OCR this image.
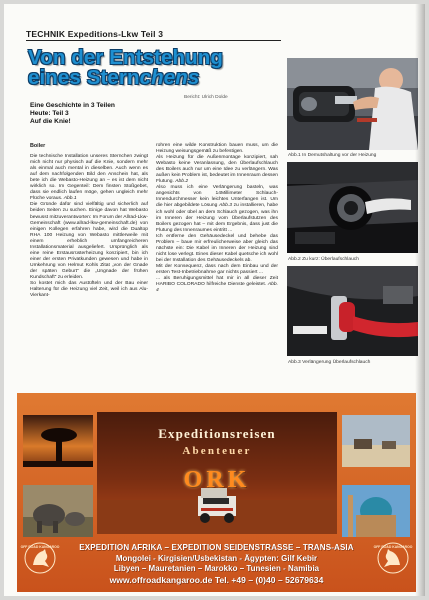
TECHNIK Expeditions-Lkw Teil 3
Von der Entstehung
eines Sternchens
Bericht: Ulrich Dolde
Eine Geschichte in 3 Teilen
Heute: Teil 3
Auf die Knie!

Boiler

Die technische Installation unseres Sternchen zwingt mich nicht nur physisch auf die Knie, sondern mehr als einmal auch mental in dieselben. Auch wenn es auf dem nachfolgenden Bild den Anschein hat, als bete ich die Webasto-Heizung an – es ist dem nicht wirklich so. Im Gegenteil: Dem finsten Stoßgebet, dass sie endlich laufen möge, gehen ungleich mehr Flüche voraus. Abb.1

Die Gründe dafür sind vielfältig und sicherlich auf beiden Seiten zu suchen. Einige davon hat Webasto bewusst mitzuverantworten: Im Forum der Allrad-Lkw-Gemeinschaft (www.allrad-lkw-gemeinschaft.de) von einigen Kollegen erfahren habe, wird die Dualtop RHA 100 Heizung von Webasto mittlerweile mit einem erheblich umfangreicheren Installationsmaterial ausgeliefert. Ursprünglich als eine reine Erstausrüsterheizung konzipiert, bin ich einer der ersten Privatkunden gewesen und habe in Umkehrung von Helmut Kohls Zitat „von der Gnade der späten Geburt“ die „Ungnade der frühen Kundschaft“ zu erleiden.

So kostet mich das Austüfteln und der Bau einer Halterung für die Heizung viel Zeit, weil ich aus Alu-Vierkant-

rohren eine wilde Konstruktion bauen muss, um die Heizung weisungsgemäß zu befestigen.

Als Heizung für die Außenmontage konzipiert, sah Webasto keine Veranlassung, den Überlaufschlauch des Boilers auch nur um eine Idee zu verlängern. Was außen kein Problem ist, bedeutet im Innenraum dessen Flutung. Abb.2

Also muss ich eine Verlängerung basteln, was angesichts von 14Millimeter Schlauch-Innendurchmesser kein leichtes Unterfangen ist. Um die hier abgebildete Lösung Abb.3 zu installieren, habe ich wohl oder übel an dem Schlauch gezogen, was ihn im Inneren der Heizung vom Überlaufstutzen des Boilers gezogen hat – mit dem Ergebnis, dass just die Flutung des Innenraumes eintritt ...

Ich entferne den Gehäusedeckel und behebe das Problem – baue mir erfreulicherweise aber gleich das nächste ein: Die Kabel im Inneren der Heizung sind nicht lose verlegt. Eines dieser Kabel quetsche ich wohl bei der Installation des Gehäusedeckels ab.

Mit der Konsequenz, dass nach dem Einbau und der ersten Test-Inbetriebnahme gar nichts passiert ...

... als Beruhigungsmittel hat mir in all dieser Zeit HARIBO COLORADO hilfreiche Dienste geleistet. Abb. 4

Abb.1 In Demutshaltung vor der Heizung
Abb.2 Zu kurz: Überlaufschlauch
Abb.3 Verlängerung Überlaufschlauch
Expeditionsreisen
Abenteuer
ORK
OFF ROAD KANGAROO	OFF ROAD KANGAROO
EXPEDITION AFRIKA – EXPEDITION SEIDENSTRASSE – TRANS-ASIA
Mongolei - Kirgisien/Usbekistan - Ägypten: Gilf Kebir
Libyen – Mauretanien – Marokko – Tunesien - Namibia
www.offroadkangaroo.de Tel. +49 – (0)40 – 52679634
